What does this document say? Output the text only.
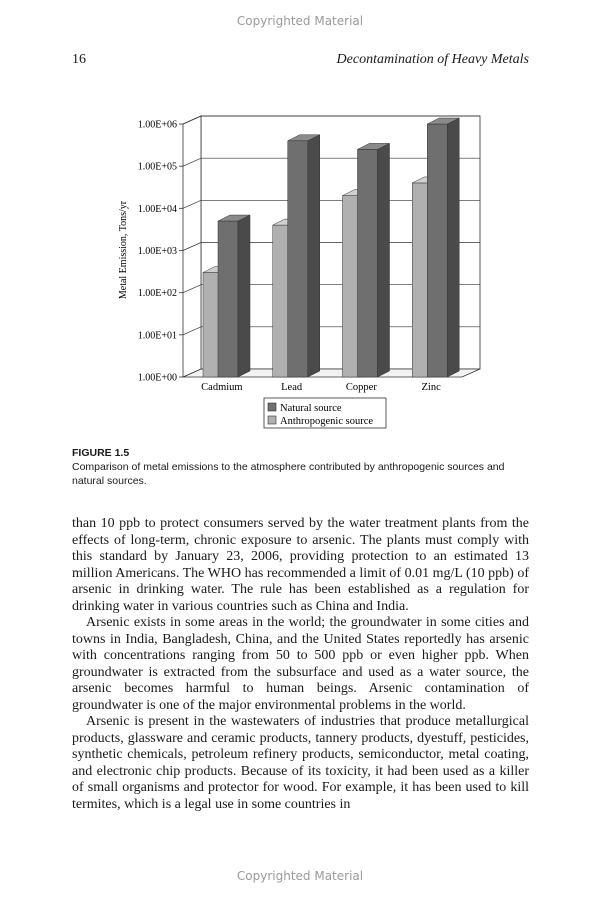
Copyrighted Material
16	Decontamination of Heavy Metals
1.00E+00
1.00E+01
1.00E+02
1.00E+03
1.00E+04
1.00E+05
1.00E+06
Cadmium	Lead	Copper	Zinc
Metal Emission, Tons/yr
Natural source
Anthropogenic source
FIGURE 1.5
Comparison of metal emissions to the atmosphere contributed by anthropogenic sources and natural sources.

than 10 ppb to protect consumers served by the water treatment plants from the effects of long-term, chronic exposure to arsenic. The plants must comply with this standard by January 23, 2006, providing protection to an estimated 13 million Americans. The WHO has recommended a limit of 0.01 mg/L (10 ppb) of arsenic in drinking water. The rule has been established as a regulation for drinking water in various countries such as China and India.

Arsenic exists in some areas in the world; the groundwater in some cities and towns in India, Bangladesh, China, and the United States reportedly has arsenic with concentrations ranging from 50 to 500 ppb or even higher ppb. When groundwater is extracted from the subsurface and used as a water source, the arsenic becomes harmful to human beings. Arsenic contamination of groundwater is one of the major environmental problems in the world.

Arsenic is present in the wastewaters of industries that produce metallurgical products, glassware and ceramic products, tannery products, dyestuff, pesticides, synthetic chemicals, petroleum refinery products, semiconductor, metal coating, and electronic chip products. Because of its toxicity, it had been used as a killer of small organisms and protector for wood. For example, it has been used to kill termites, which is a legal use in some countries in

Copyrighted Material
